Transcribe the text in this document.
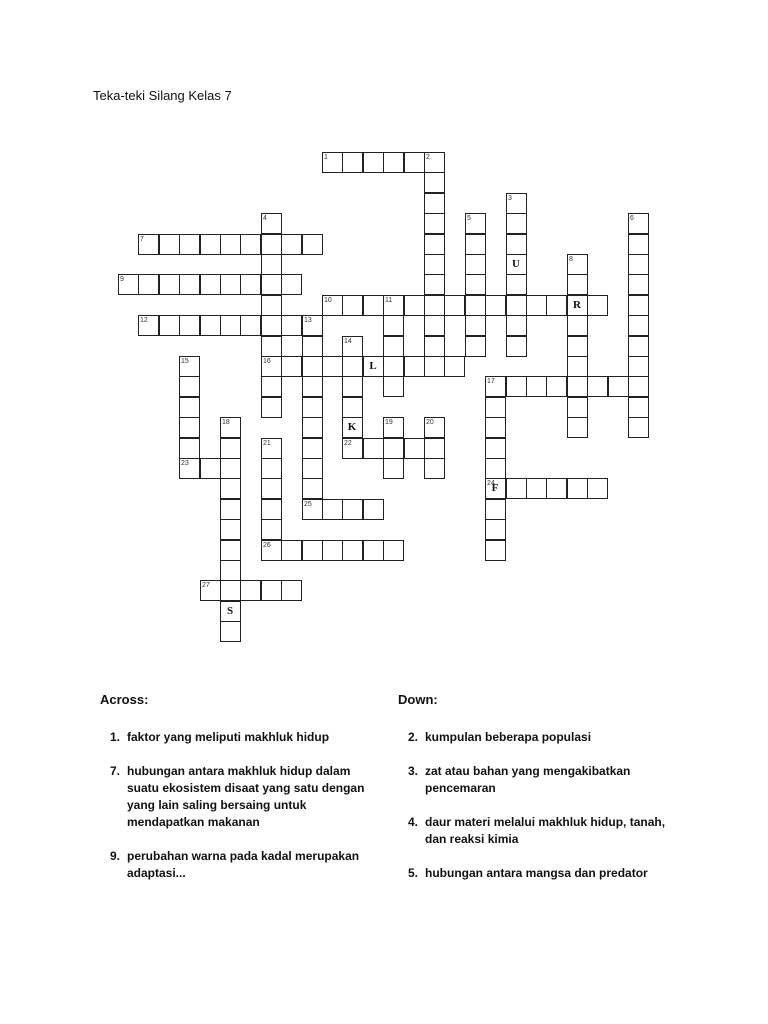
Teka-teki Silang Kelas 7
1	2
3
4	5	6
7
8
9
10	11
12	13
14
15	16
17
18	19	20
21	22
23
24
25
26
27
U
R
L
K
F
S
Across:
1. faktor yang meliputi makhluk hidup
7. hubungan antara makhluk hidup dalam suatu ekosistem disaat yang satu dengan yang lain saling bersaing untuk mendapatkan makanan
9. perubahan warna pada kadal merupakan adaptasi...
Down:
2. kumpulan beberapa populasi
3. zat atau bahan yang mengakibatkan pencemaran
4. daur materi melalui makhluk hidup, tanah, dan reaksi kimia
5. hubungan antara mangsa dan predator
